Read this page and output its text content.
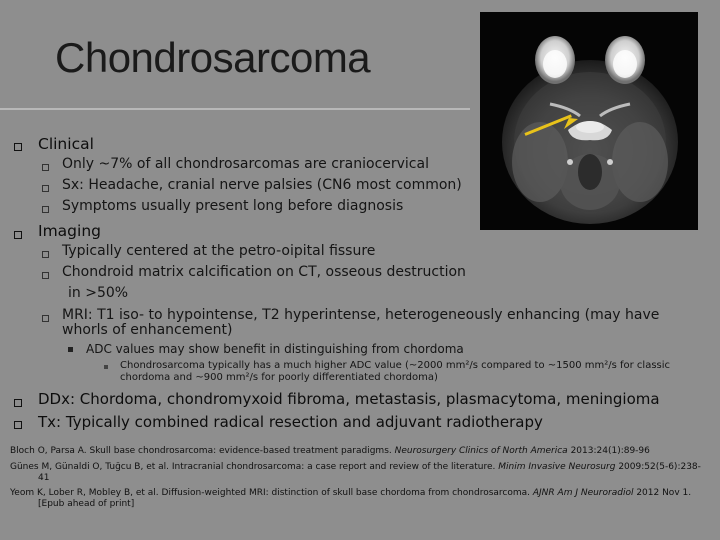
Chondrosarcoma
Clinical
Only ~7% of all chondrosarcomas are craniocervical
Sx: Headache, cranial nerve palsies (CN6 most common)
Symptoms usually present long before diagnosis
Imaging
Typically centered at the petro-oipital fissure
Chondroid matrix calcification on CT, osseous destruction
in >50%
MRI: T1 iso- to hypointense, T2 hyperintense, heterogeneously enhancing (may have
whorls of enhancement)
ADC values may show benefit in distinguishing from chordoma
Chondrosarcoma typically has a much higher ADC value (~2000 mm²/s compared to ~1500 mm²/s for classic
chordoma and ~900 mm²/s for poorly differentiated chordoma)
DDx: Chordoma, chondromyxoid fibroma, metastasis, plasmacytoma, meningioma
Tx: Typically combined radical resection and adjuvant radiotherapy
Bloch O, Parsa A. Skull base chondrosarcoma: evidence-based treatment paradigms. Neurosurgery Clinics of North America 2013:24(1):89-96
Günes M, Günaldi O, Tuğcu B, et al. Intracranial chondrosarcoma: a case report and review of the literature. Minim Invasive Neurosurg 2009:52(5-6):238-
41
Yeom K, Lober R, Mobley B, et al. Diffusion-weighted MRI: distinction of skull base chordoma from chondrosarcoma. AJNR Am J Neuroradiol 2012 Nov 1.
[Epub ahead of print]
